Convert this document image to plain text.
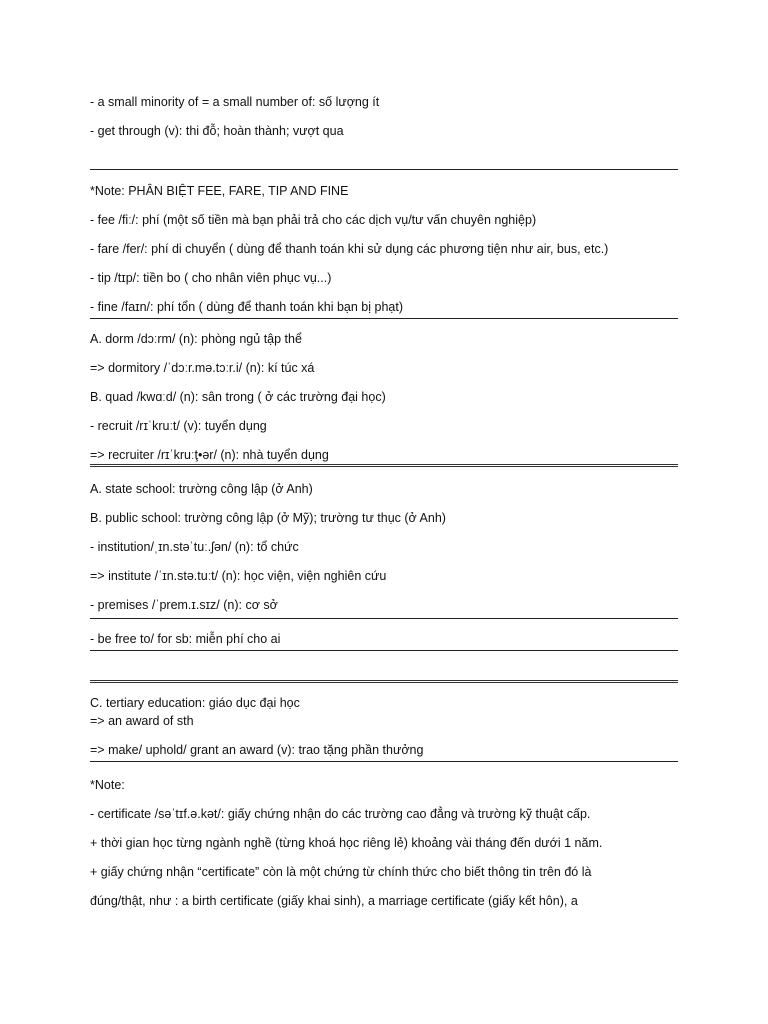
- a small minority of = a small number of: số lượng ít
- get through (v): thi đỗ; hoàn thành; vượt qua
*Note: PHÂN BIỆT FEE, FARE, TIP AND FINE
- fee /fiː/: phí (một số tiền mà bạn phải trả cho các dịch vụ/tư vấn chuyên nghiệp)
- fare /fer/: phí di chuyển ( dùng để thanh toán khi sử dụng các phương tiện như air, bus, etc.)
- tip /tɪp/: tiền bo ( cho nhân viên phục vụ...)
- fine /faɪn/: phí tổn ( dùng để thanh toán khi bạn bị phạt)
A. dorm /dɔːrm/ (n): phòng ngủ tập thể
=> dormitory /ˈdɔːr.mə.tɔːr.i/ (n): kí túc xá
B. quad /kwɑːd/ (n): sân trong ( ở các trường đại học)
- recruit /rɪˈkruːt/ (v): tuyển dụng
=> recruiter /rɪˈkruːţ•ər/ (n): nhà tuyển dụng
A. state school: trường công lập (ở Anh)
B. public school: trường công lập (ở Mỹ); trường tư thục (ở Anh)
- institution/ˌɪn.stəˈtuː.ʃən/ (n): tổ chức
=> institute /ˈɪn.stə.tuːt/ (n): học viện, viện nghiên cứu
- premises /ˈprem.ɪ.sɪz/ (n): cơ sở
- be free to/ for sb: miễn phí cho ai
C. tertiary education: giáo dục đại học
=> an award of sth
=> make/ uphold/ grant an award (v): trao tặng phần thưởng
*Note:
- certificate /səˈtɪf.ə.kət/: giấy chứng nhận do các trường cao đẳng và trường kỹ thuật cấp.
+ thời gian học từng ngành nghề (từng khoá học riêng lẻ) khoảng vài tháng đến dưới 1 năm.
+ giấy chứng nhận “certificate” còn là một chứng từ chính thức cho biết thông tin trên đó là
đúng/thật, như : a birth certificate (giấy khai sinh), a marriage certificate (giấy kết hôn), a
